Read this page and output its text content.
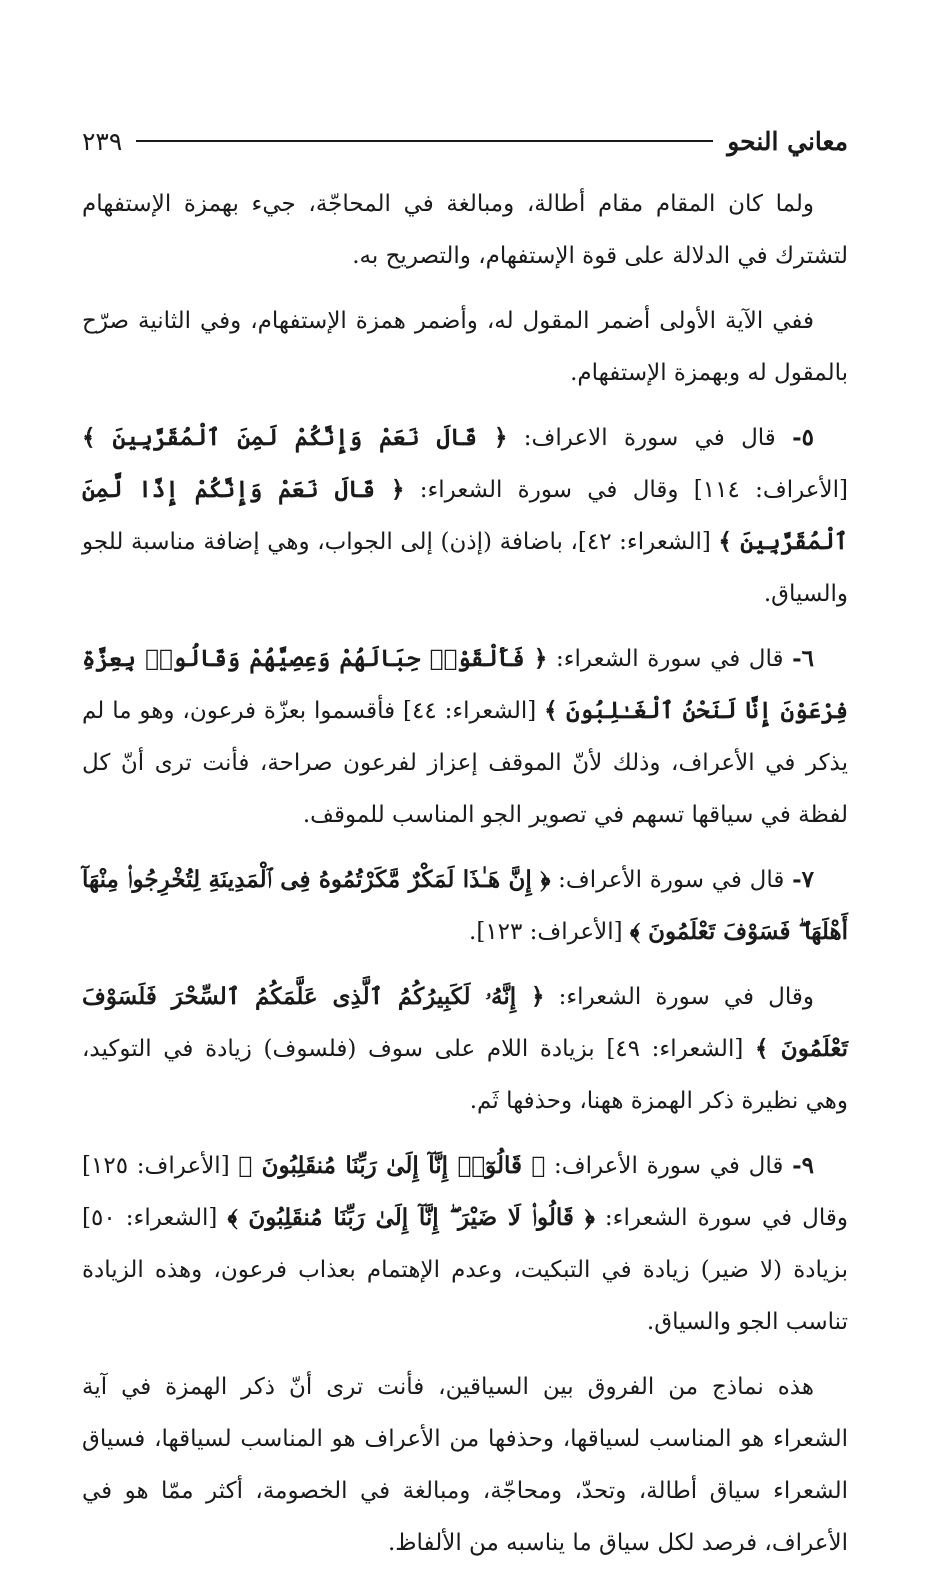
معاني النحو
٢٣٩

ولما كان المقام مقام أطالة، ومبالغة في المحاجّة، جيء بهمزة الإستفهام لتشترك في الدلالة على قوة الإستفهام، والتصريح به.

ففي الآية الأولى أضمر المقول له، وأضمر همزة الإستفهام، وفي الثانية صرّح بالمقول له وبهمزة الإستفهام.

٥- قال في سورة الاعراف: ﴿ قَالَ نَعَمْ وَإِنَّكُمْ لَمِنَ ٱلْمُقَرَّبِينَ ﴾ [الأعراف: ١١٤] وقال في سورة الشعراء: ﴿ قَالَ نَعَمْ وَإِنَّكُمْ إِذًا لَّمِنَ ٱلْمُقَرَّبِينَ ﴾ [الشعراء: ٤٢]، باضافة (إذن) إلى الجواب، وهي إضافة مناسبة للجو والسياق.

٦- قال في سورة الشعراء: ﴿ فَأَلْقَوْا۟ حِبَالَهُمْ وَعِصِيَّهُمْ وَقَالُوا۟ بِعِزَّةِ فِرْعَوْنَ إِنَّا لَنَحْنُ ٱلْغَـٰلِبُونَ ﴾ [الشعراء: ٤٤] فأقسموا بعزّة فرعون، وهو ما لم يذكر في الأعراف، وذلك لأنّ الموقف إعزاز لفرعون صراحة، فأنت ترى أنّ كل لفظة في سياقها تسهم في تصوير الجو المناسب للموقف.

٧- قال في سورة الأعراف: ﴿ إِنَّ هَـٰذَا لَمَكْرٌ مَّكَرْتُمُوهُ فِى ٱلْمَدِينَةِ لِتُخْرِجُوا۟ مِنْهَآ أَهْلَهَا ۖ فَسَوْفَ تَعْلَمُونَ ﴾ [الأعراف: ١٢٣].

وقال في سورة الشعراء: ﴿ إِنَّهُۥ لَكَبِيرُكُمُ ٱلَّذِى عَلَّمَكُمُ ٱلسِّحْرَ فَلَسَوْفَ تَعْلَمُونَ ﴾ [الشعراء: ٤٩] بزيادة اللام على سوف (فلسوف) زيادة في التوكيد، وهي نظيرة ذكر الهمزة ههنا، وحذفها ثَم.

٩- قال في سورة الأعراف: ﴿ قَالُوٓا۟ إِنَّآ إِلَىٰ رَبِّنَا مُنقَلِبُونَ ﴾ [الأعراف: ١٢٥] وقال في سورة الشعراء: ﴿ قَالُوا۟ لَا ضَيْرَ ۖ إِنَّآ إِلَىٰ رَبِّنَا مُنقَلِبُونَ ﴾ [الشعراء: ٥٠] بزيادة (لا ضير) زيادة في التبكيت، وعدم الإهتمام بعذاب فرعون، وهذه الزيادة تناسب الجو والسياق.

هذه نماذج من الفروق بين السياقين، فأنت ترى أنّ ذكر الهمزة في آية الشعراء هو المناسب لسياقها، وحذفها من الأعراف هو المناسب لسياقها، فسياق الشعراء سياق أطالة، وتحدّ، ومحاجّة، ومبالغة في الخصومة، أكثر ممّا هو في الأعراف، فرصد لكل سياق ما يناسبه من الألفاظ.
